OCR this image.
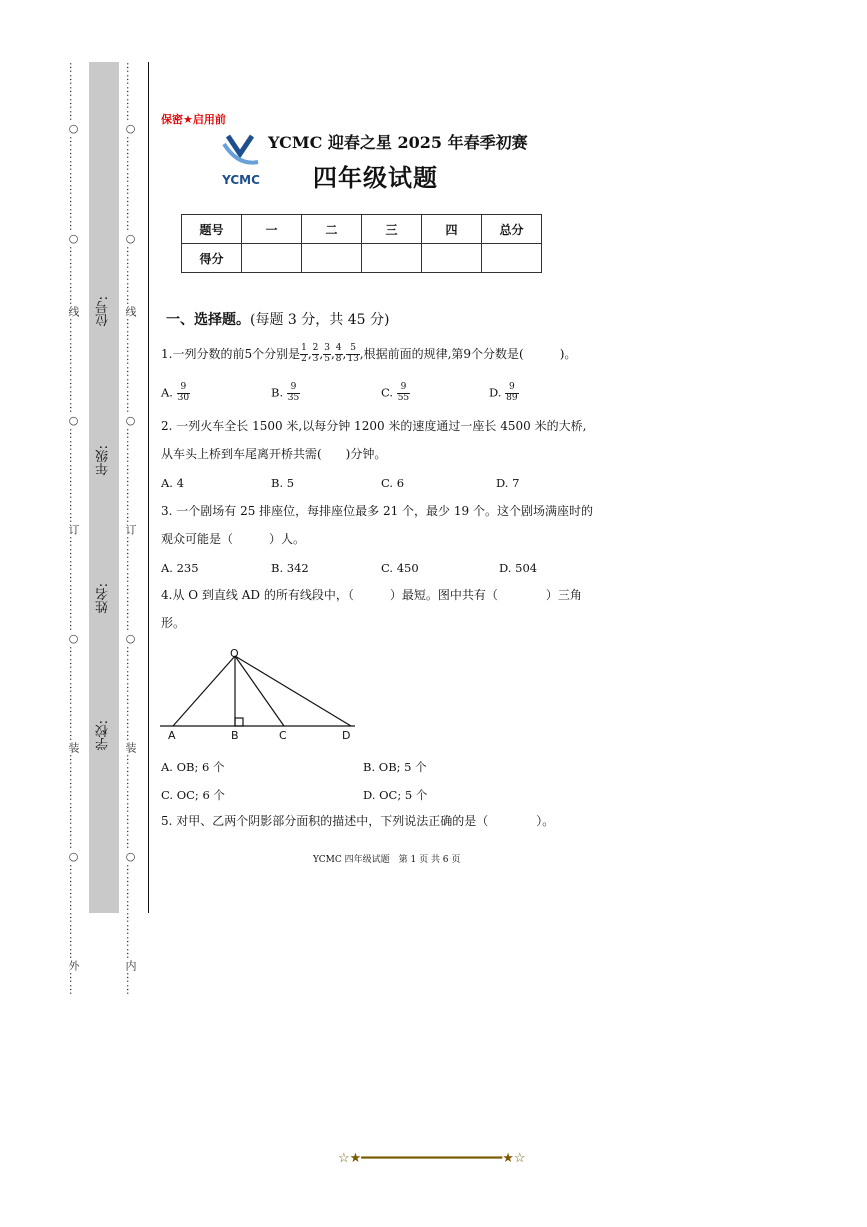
……………○……………………○……………线……………………○……………………订……………………○……………………装……………………○……………………外…… 位号:
年级:
姓名:
学校: ……………○……………………○……………线……………………○……………………订……………………○……………………装……………………○……………………内…… 保密★启用前
YCMC
YCMC 迎春之星 2025 年春季初赛
四年级试题
题号	一	二	三	四	总分
得分					
一、选择题。(每题 3 分，共 45 分)
1.一列分数的前5个分别是 $\frac{1}{2}$ , $\frac{2}{3}$ , $\frac{3}{5}$ , $\frac{4}{8}$ , $\frac{5}{13}$ ,根据前面的规律,第9个分数是(　　　)。
A. $\frac{9}{30}$	B. $\frac{9}{35}$	C. $\frac{9}{55}$	D. $\frac{9}{89}$
2. 一列火车全长 1500 米,以每分钟 1200 米的速度通过一座长 4500 米的大桥,
从车头上桥到车尾离开桥共需(　　)分钟。
A. 4	B. 5	C. 6	D. 7
3. 一个剧场有 25 排座位，每排座位最多 21 个，最少 19 个。这个剧场满座时的
观众可能是（　　　）人。
A. 235	B. 342	C. 450	D. 504
4.从 O 到直线 AD 的所有线段中，（　　　）最短。图中共有（　　　　）三角
形。
O
A	B	C	D
A. OB; 6 个	B. OB; 5 个
C. OC; 6 个	D. OC; 5 个
5. 对甲、乙两个阴影部分面积的描述中，下列说法正确的是（　　　　）。
YCMC 四年级试题　第 1 页 共 6 页
☆★━━━━━━━━━━━━━━━━━━★☆
